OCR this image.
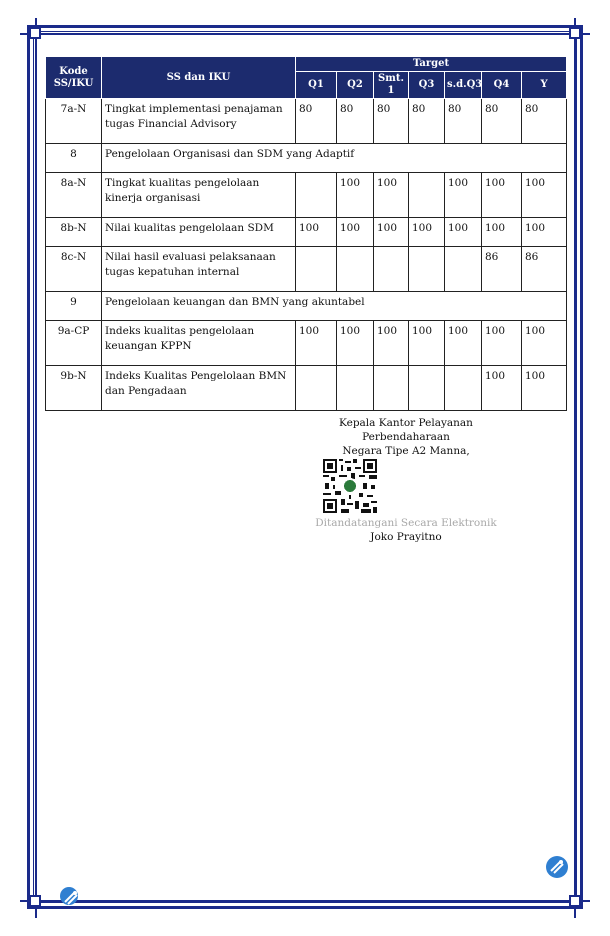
Kode SS/IKU	SS dan IKU	Target						
		Q1	Q2	Smt. 1	Q3	s.d.Q3	Q4	Y
7a-N	Tingkat implementasi penajaman tugas Financial Advisory	80	80	80	80	80	80	80
8	Pengelolaan Organisasi dan SDM yang Adaptif							
8a-N	Tingkat kualitas pengelolaan kinerja organisasi		100	100		100	100	100
8b-N	Nilai kualitas pengelolaan SDM	100	100	100	100	100	100	100
8c-N	Nilai hasil evaluasi pelaksanaan tugas kepatuhan internal						86	86
9	Pengelolaan keuangan dan BMN yang akuntabel							
9a-CP	Indeks kualitas pengelolaan keuangan KPPN	100	100	100	100	100	100	100
9b-N	Indeks Kualitas Pengelolaan BMN dan Pengadaan						100	100
Kepala Kantor Pelayanan Perbendaharaan
Negara Tipe A2 Manna,
Ditandatangani Secara Elektronik
Joko Prayitno
